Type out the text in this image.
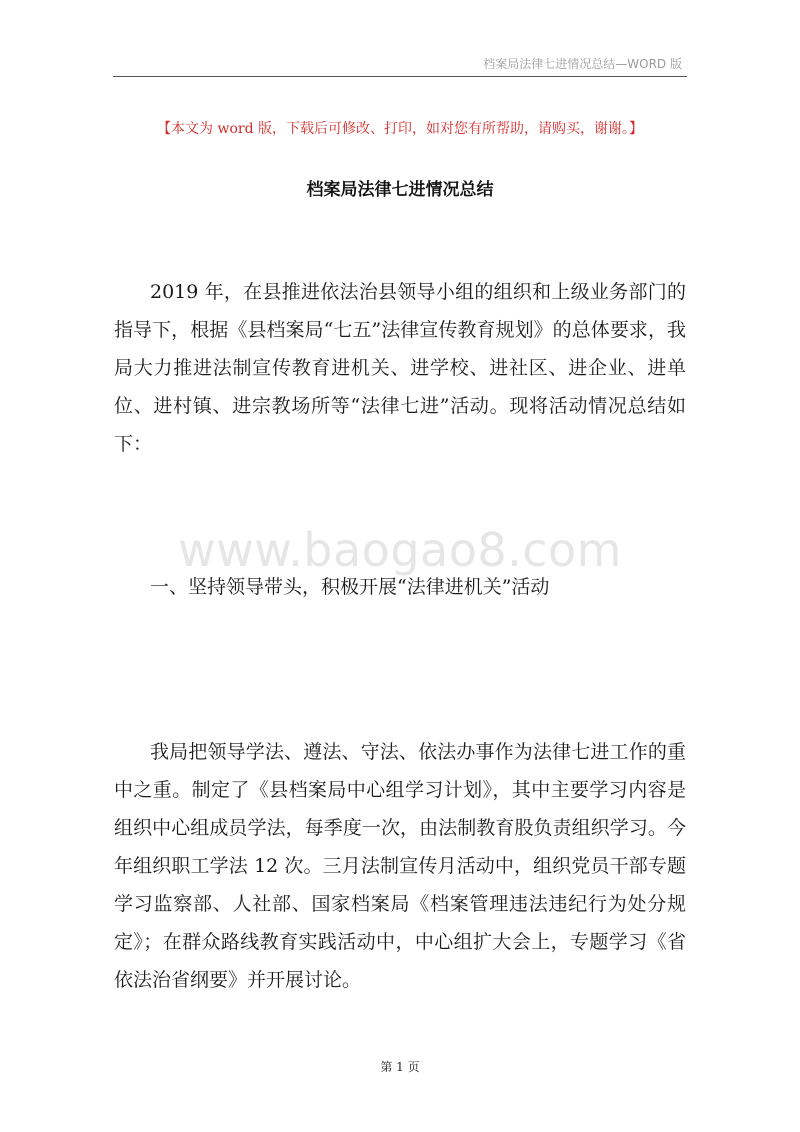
档案局法律七进情况总结—WORD 版
【本文为 word 版，下载后可修改、打印，如对您有所帮助，请购买，谢谢。】
档案局法律七进情况总结

2019 年，在县推进依法治县领导小组的组织和上级业务部门的指导下，根据《县档案局“七五”法律宣传教育规划》的总体要求，我局大力推进法制宣传教育进机关、进学校、进社区、进企业、进单位、进村镇、进宗教场所等“法律七进”活动。现将活动情况总结如下：

www.baogao8.com

一、坚持领导带头，积极开展“法律进机关”活动

我局把领导学法、遵法、守法、依法办事作为法律七进工作的重中之重。制定了《县档案局中心组学习计划》，其中主要学习内容是组织中心组成员学法，每季度一次，由法制教育股负责组织学习。今年组织职工学法 12 次。三月法制宣传月活动中，组织党员干部专题学习监察部、人社部、国家档案局《档案管理违法违纪行为处分规定》；在群众路线教育实践活动中，中心组扩大会上，专题学习《省依法治省纲要》并开展讨论。

第 1 页
